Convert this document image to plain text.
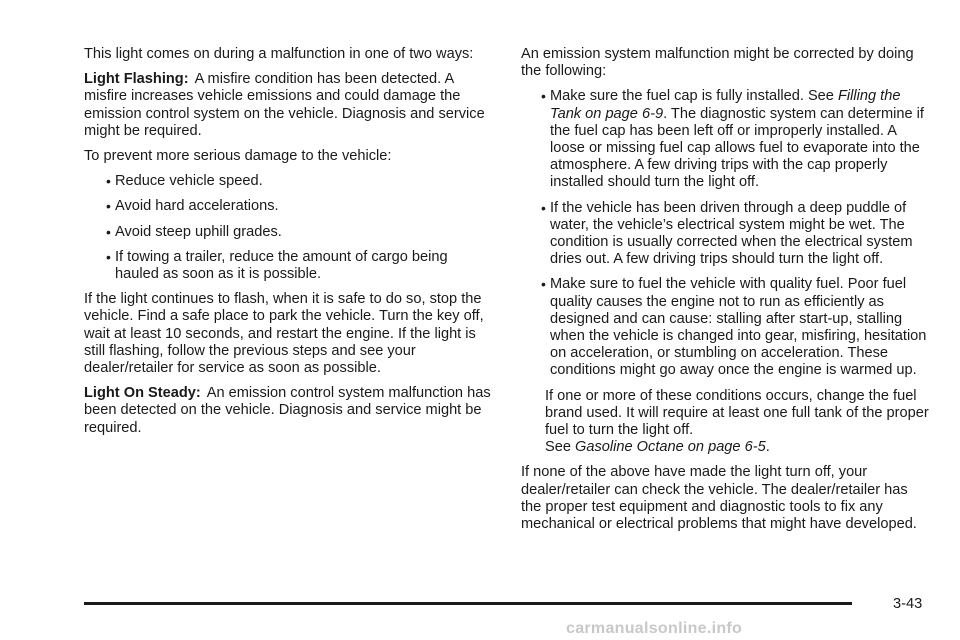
This light comes on during a malfunction in one of two ways:

Light Flashing: A misfire condition has been detected. A misfire increases vehicle emissions and could damage the emission control system on the vehicle. Diagnosis and service might be required.

To prevent more serious damage to the vehicle:

• Reduce vehicle speed.
• Avoid hard accelerations.
• Avoid steep uphill grades.
• If towing a trailer, reduce the amount of cargo being hauled as soon as it is possible.

If the light continues to flash, when it is safe to do so, stop the vehicle. Find a safe place to park the vehicle. Turn the key off, wait at least 10 seconds, and restart the engine. If the light is still flashing, follow the previous steps and see your dealer/retailer for service as soon as possible.

Light On Steady: An emission control system malfunction has been detected on the vehicle. Diagnosis and service might be required.

An emission system malfunction might be corrected by doing the following:

• Make sure the fuel cap is fully installed. See Filling the Tank on page 6-9. The diagnostic system can determine if the fuel cap has been left off or improperly installed. A loose or missing fuel cap allows fuel to evaporate into the atmosphere. A few driving trips with the cap properly installed should turn the light off.
• If the vehicle has been driven through a deep puddle of water, the vehicle’s electrical system might be wet. The condition is usually corrected when the electrical system dries out. A few driving trips should turn the light off.
• Make sure to fuel the vehicle with quality fuel. Poor fuel quality causes the engine not to run as efficiently as designed and can cause: stalling after start-up, stalling when the vehicle is changed into gear, misfiring, hesitation on acceleration, or stumbling on acceleration. These conditions might go away once the engine is warmed up.

If one or more of these conditions occurs, change the fuel brand used. It will require at least one full tank of the proper fuel to turn the light off.
See Gasoline Octane on page 6-5.

If none of the above have made the light turn off, your dealer/retailer can check the vehicle. The dealer/retailer has the proper test equipment and diagnostic tools to fix any mechanical or electrical problems that might have developed.

3-43
carmanualsonline.info
